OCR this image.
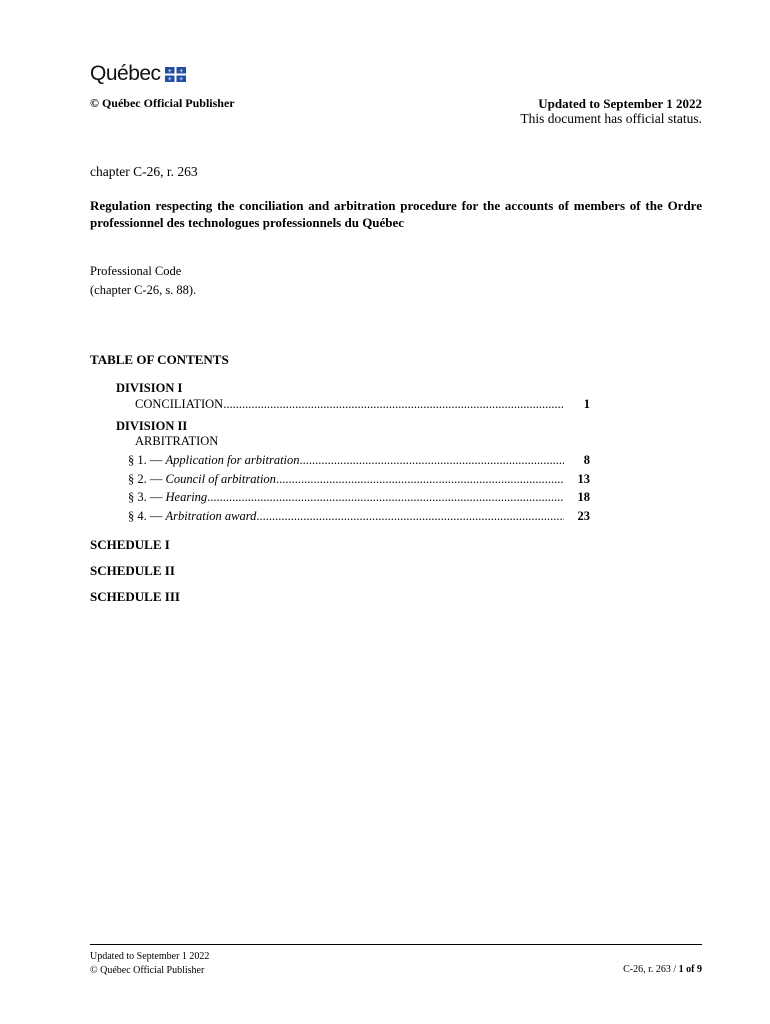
Québec ⚜ ⚜
⚜ ⚜
© Québec Official Publisher	Updated to September 1 2022
This document has official status.
chapter C-26, r. 263
Regulation respecting the conciliation and arbitration procedure for the accounts of members of the Ordre professionnel des technologues professionnels du Québec
Professional Code
(chapter C-26, s. 88).
TABLE OF CONTENTS
DIVISION I
CONCILIATION .....	1
DIVISION II
ARBITRATION
§ 1. — Application for arbitration .....	8
§ 2. — Council of arbitration .....	13
§ 3. — Hearing .....	18
§ 4. — Arbitration award .....	23
SCHEDULE I
SCHEDULE II
SCHEDULE III
Updated to September 1 2022
© Québec Official Publisher	C-26, r. 263 / 1 of 9
